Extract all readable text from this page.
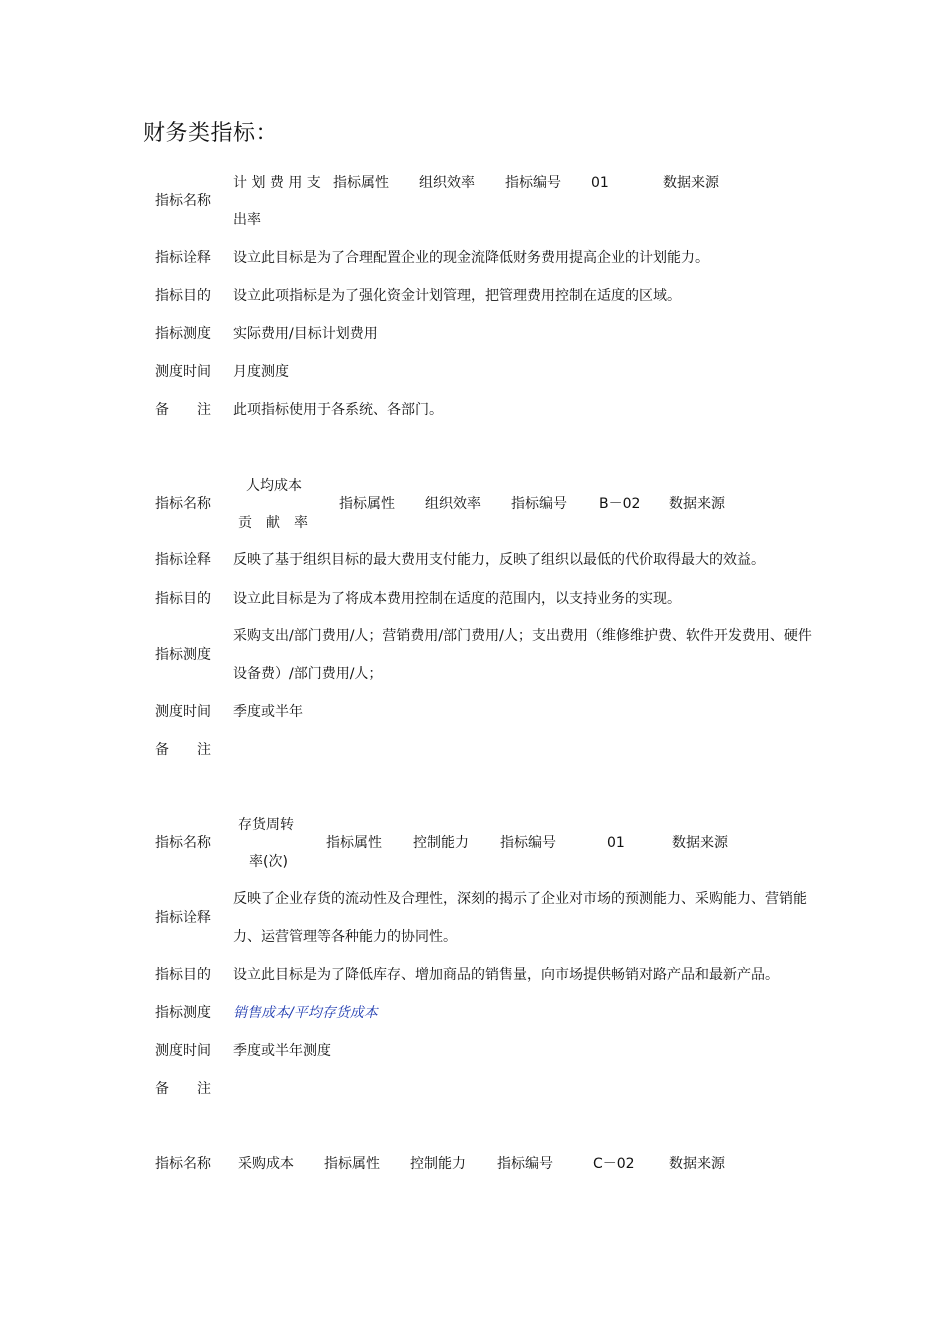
财务类指标：
指标名称
计 划 费 用 支
出率
指标属性 组织效率 指标编号 01	数据来源
指标诠释 设立此目标是为了合理配置企业的现金流降低财务费用提高企业的计划能力。
指标目的 设立此项指标是为了强化资金计划管理，把管理费用控制在适度的区域。
指标测度 实际费用/目标计划费用
测度时间 月度测度
备　　注 此项指标使用于各系统、各部门。
指标名称
人均成本
贡　献　率
指标属性 组织效率 指标编号 B－02 数据来源
指标诠释 反映了基于组织目标的最大费用支付能力，反映了组织以最低的代价取得最大的效益。
指标目的 设立此目标是为了将成本费用控制在适度的范围内，以支持业务的实现。
指标测度
采购支出/部门费用/人；营销费用/部门费用/人；支出费用（维修维护费、软件开发费用、硬件设备费）/部门费用/人；
测度时间 季度或半年
备　　注
指标名称
存货周转
率(次)
指标属性 控制能力 指标编号	01	数据来源
指标诠释
反映了企业存货的流动性及合理性，深刻的揭示了企业对市场的预测能力、采购能力、营销能力、运营管理等各种能力的协同性。
指标目的 设立此目标是为了降低库存、增加商品的销售量，向市场提供畅销对路产品和最新产品。
指标测度 销售成本/平均存货成本
测度时间 季度或半年测度
备　　注
指标名称 采购成本 指标属性 控制能力 指标编号	C－02 数据来源
